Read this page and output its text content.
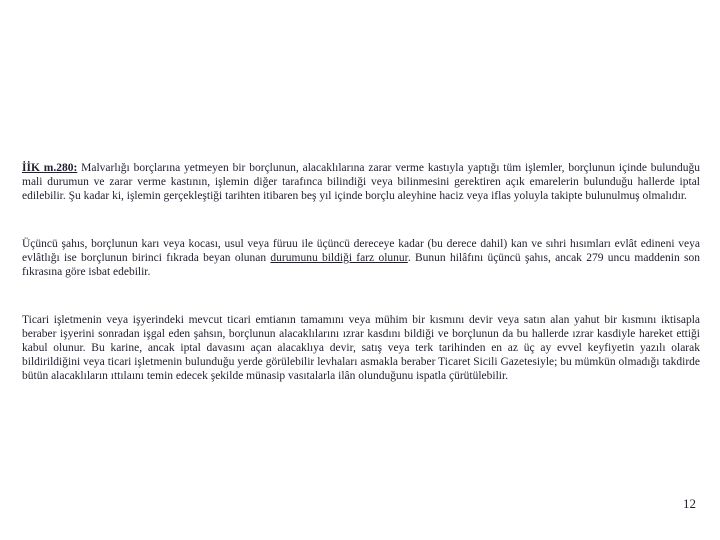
İİK m.280: Malvarlığı borçlarına yetmeyen bir borçlunun, alacaklılarına zarar verme kastıyla yaptığı tüm işlemler, borçlunun içinde bulunduğu mali durumun ve zarar verme kastının, işlemin diğer tarafınca bilindiği veya bilinmesini gerektiren açık emarelerin bulunduğu hallerde iptal edilebilir. Şu kadar ki, işlemin gerçekleştiği tarihten itibaren beş yıl içinde borçlu aleyhine haciz veya iflas yoluyla takipte bulunulmuş olmalıdır.

Üçüncü şahıs, borçlunun karı veya kocası, usul veya füruu ile üçüncü dereceye kadar (bu derece dahil) kan ve sıhri hısımları evlât edineni veya evlâtlığı ise borçlunun birinci fıkrada beyan olunan durumunu bildiği farz olunur. Bunun hilâfını üçüncü şahıs, ancak 279 uncu maddenin son fıkrasına göre isbat edebilir.

Ticari işletmenin veya işyerindeki mevcut ticari emtianın tamamını veya mühim bir kısmını devir veya satın alan yahut bir kısmını iktisapla beraber işyerini sonradan işgal eden şahsın, borçlunun alacaklılarını ızrar kasdını bildiği ve borçlunun da bu hallerde ızrar kasdiyle hareket ettiği kabul olunur. Bu karine, ancak iptal davasını açan alacaklıya devir, satış veya terk tarihinden en az üç ay evvel keyfiyetin yazılı olarak bildirildiğini veya ticari işletmenin bulunduğu yerde görülebilir levhaları asmakla beraber Ticaret Sicili Gazetesiyle; bu mümkün olmadığı takdirde bütün alacaklıların ıttılaını temin edecek şekilde münasip vasıtalarla ilân olunduğunu ispatla çürütülebilir.

12
